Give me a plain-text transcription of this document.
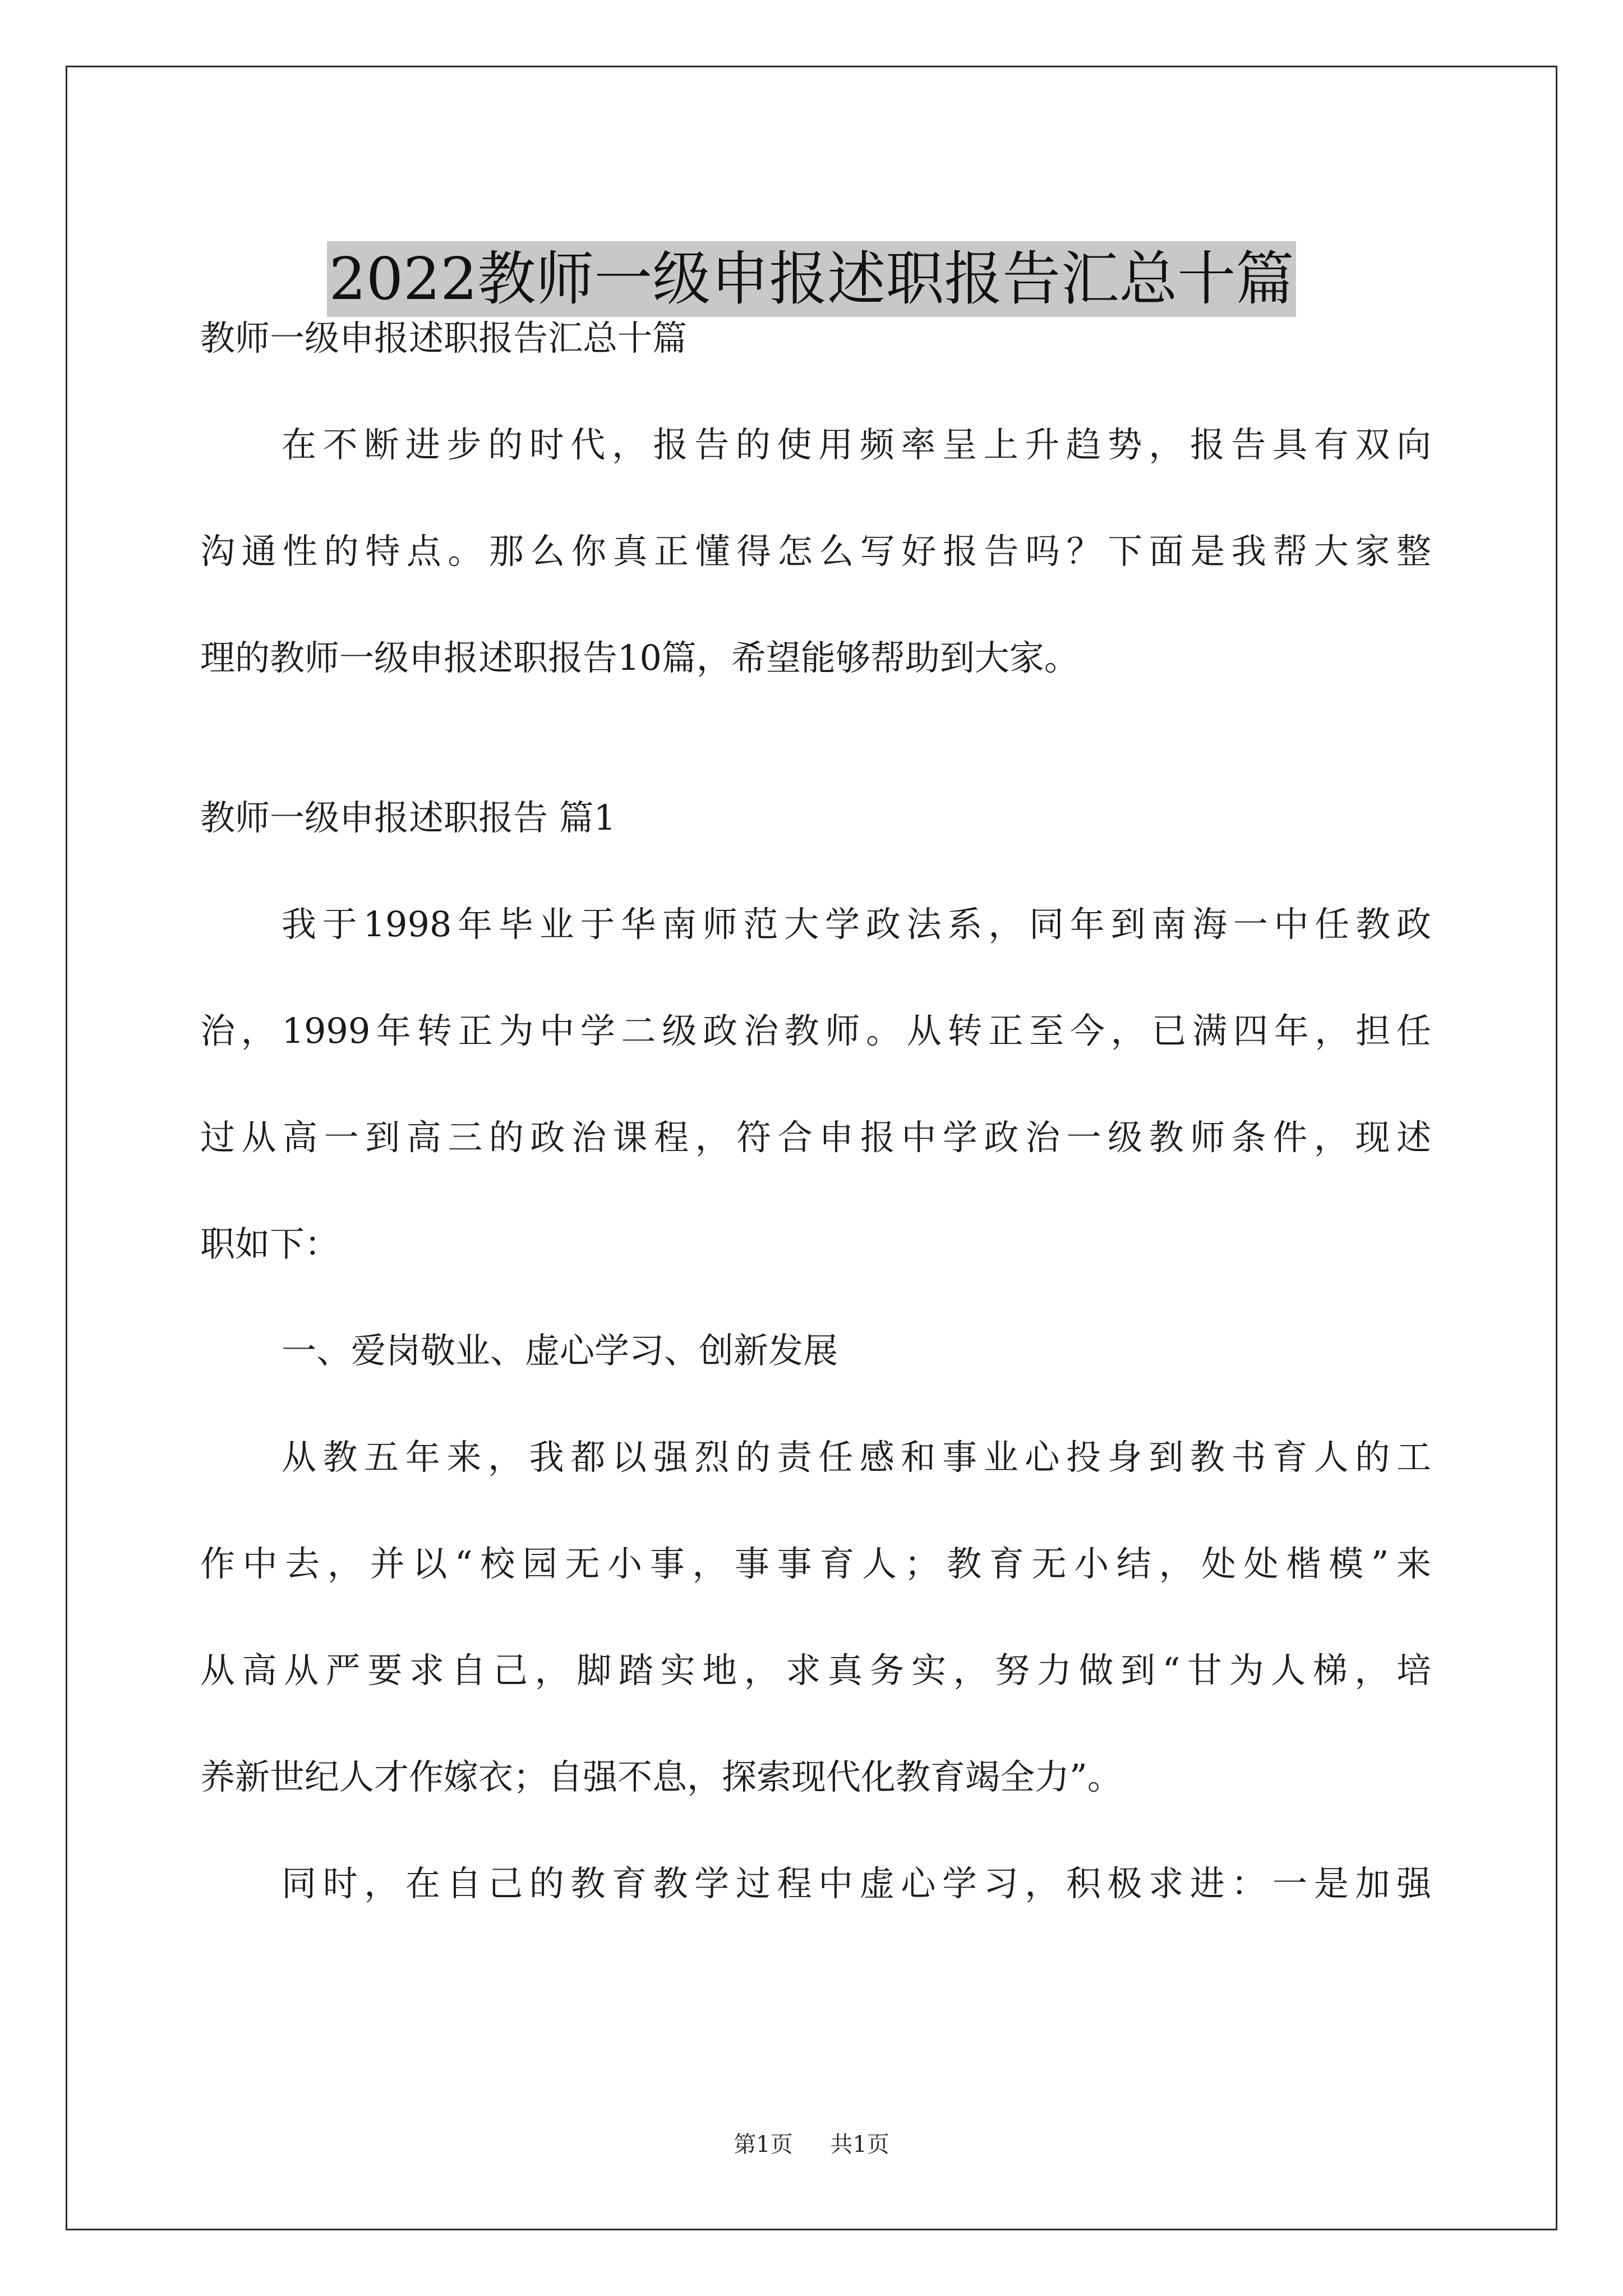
2022教师一级申报述职报告汇总十篇

教师一级申报述职报告汇总十篇

在不断进步的时代，报告的使用频率呈上升趋势，报告具有双向

沟通性的特点。那么你真正懂得怎么写好报告吗？下面是我帮大家整

理的教师一级申报述职报告10篇，希望能够帮助到大家。

教师一级申报述职报告 篇1

我于1998年毕业于华南师范大学政法系，同年到南海一中任教政

治，1999年转正为中学二级政治教师。从转正至今，已满四年，担任

过从高一到高三的政治课程，符合申报中学政治一级教师条件，现述

职如下：

一、爱岗敬业、虚心学习、创新发展

从教五年来，我都以强烈的责任感和事业心投身到教书育人的工

作中去，并以“校园无小事，事事育人；教育无小结，处处楷模”来

从高从严要求自己，脚踏实地，求真务实，努力做到“甘为人梯，培

养新世纪人才作嫁衣；自强不息，探索现代化教育竭全力”。

同时，在自己的教育教学过程中虚心学习，积极求进：一是加强

第1页 共1页
